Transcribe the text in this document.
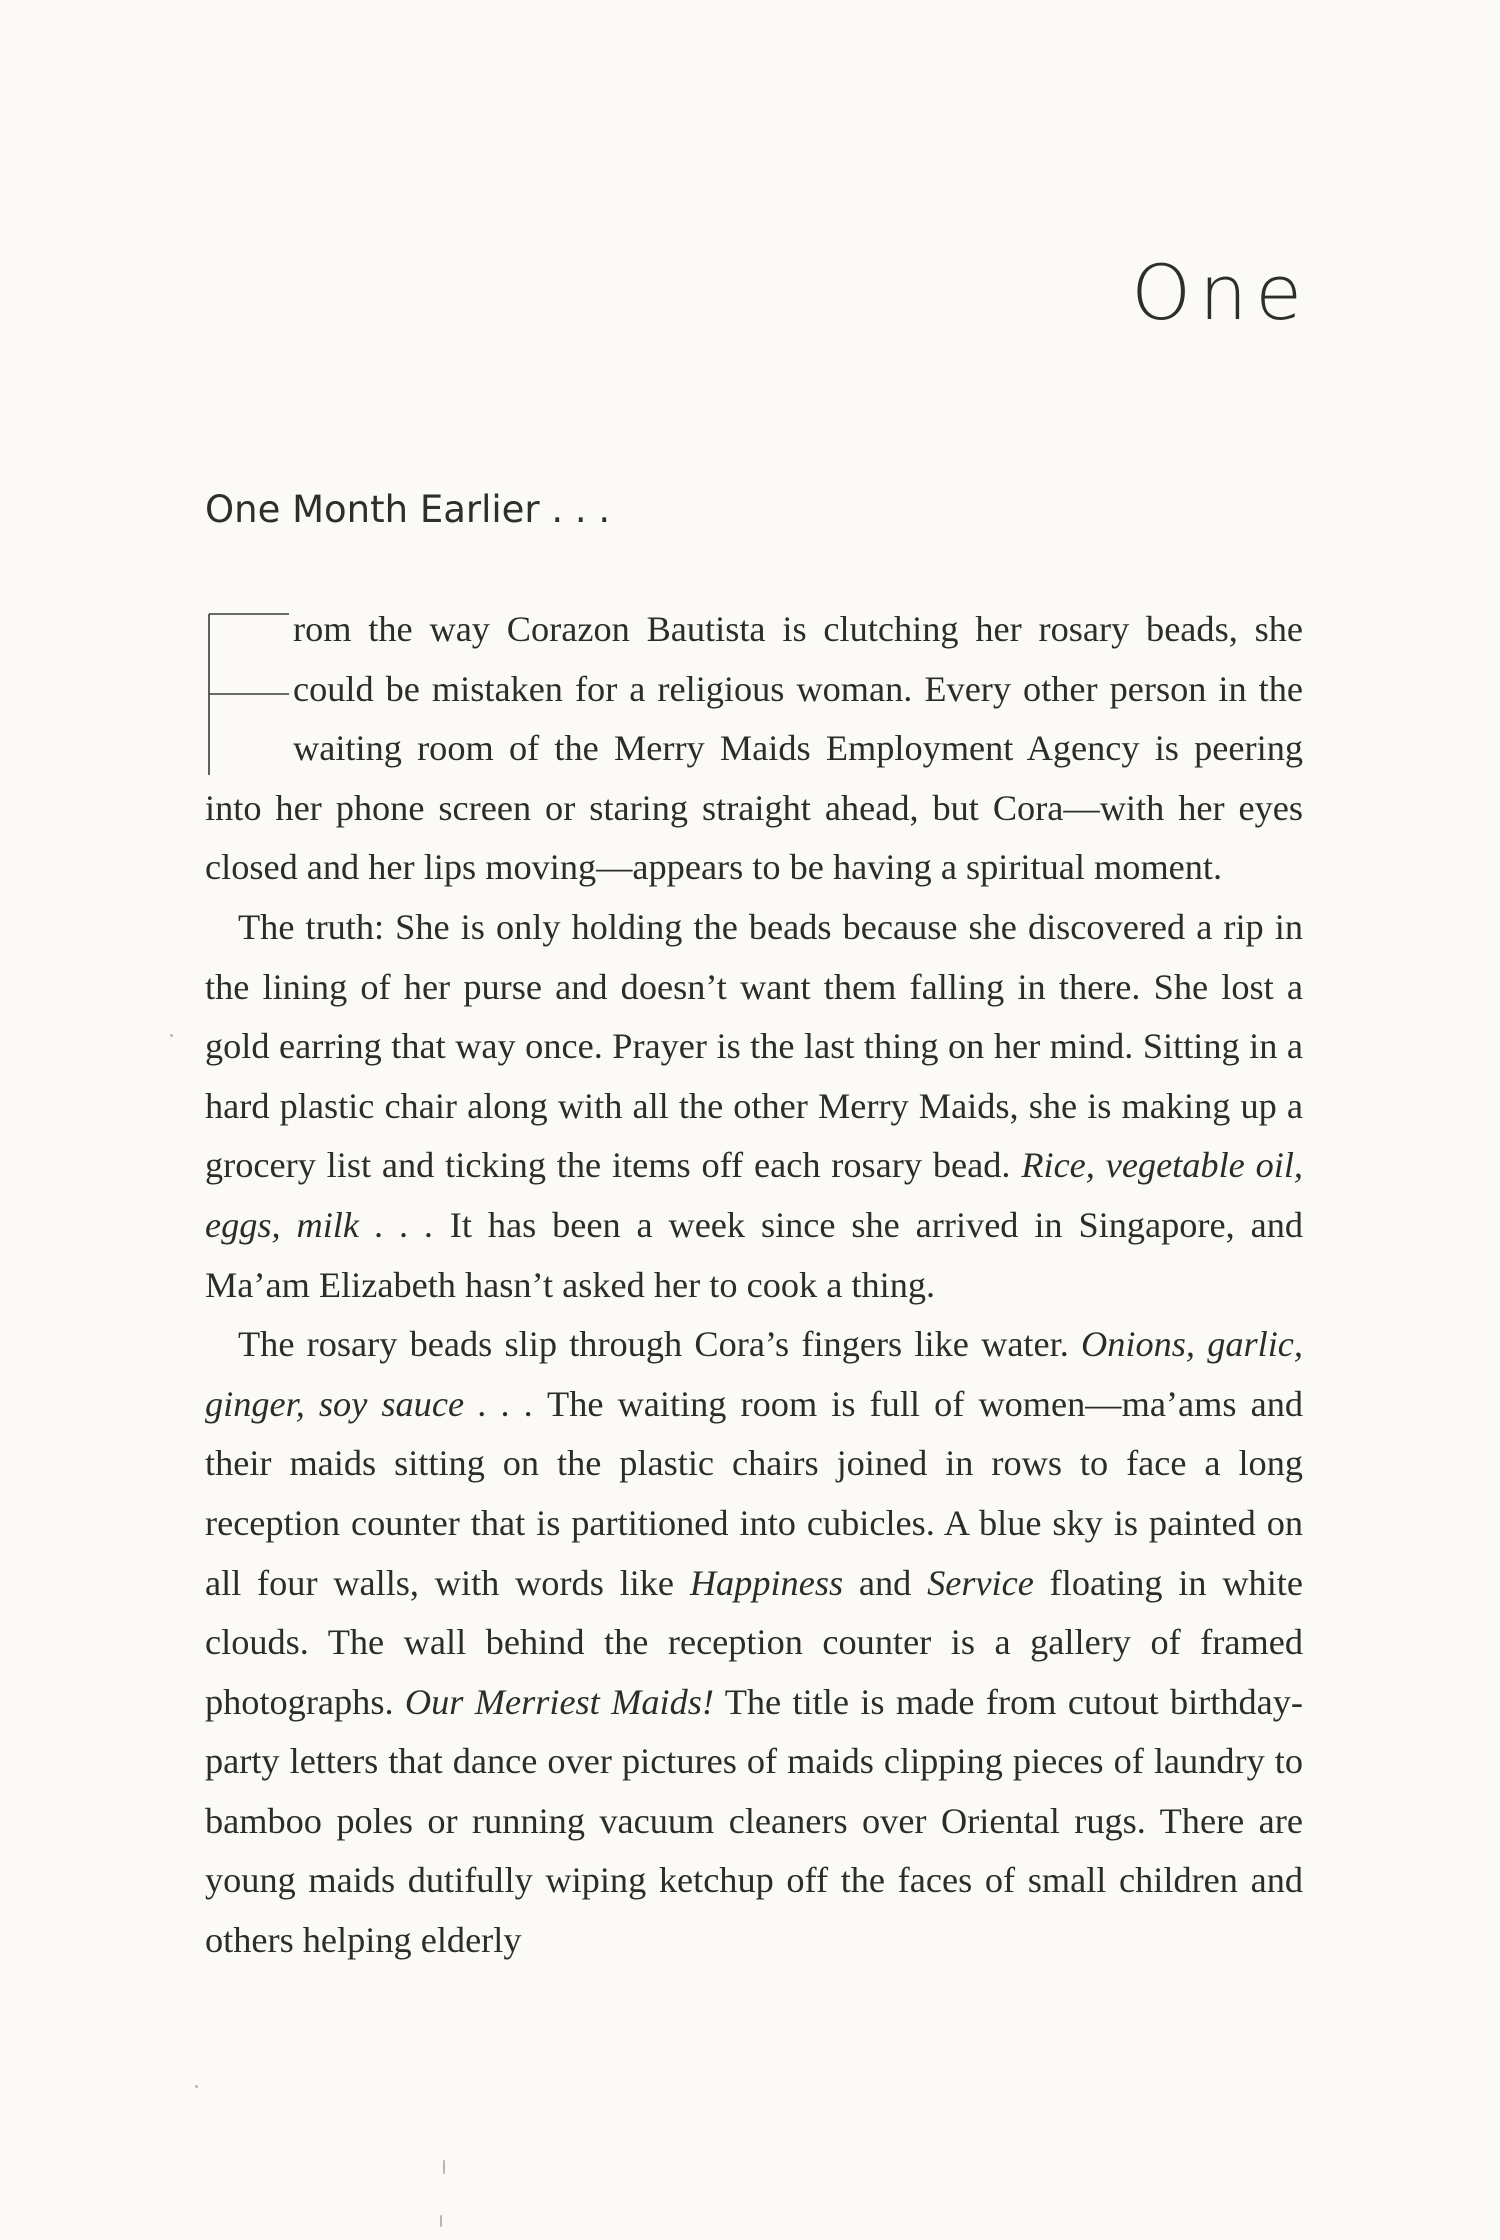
One
One Month Earlier . . .

rom the way Corazon Bautista is clutching her rosary beads, she could be mistaken for a religious woman. Every other person in the waiting room of the Merry Maids Employment Agency is peering into her phone screen or staring straight ahead, but Cora—with her eyes closed and her lips moving—appears to be having a spiritual moment.

The truth: She is only holding the beads because she discovered a rip in the lining of her purse and doesn’t want them falling in there. She lost a gold earring that way once. Prayer is the last thing on her mind. Sitting in a hard plastic chair along with all the other Merry Maids, she is making up a grocery list and ticking the items off each rosary bead. Rice, vegetable oil, eggs, milk . . . It has been a week since she arrived in Singapore, and Ma’am Elizabeth hasn’t asked her to cook a thing.

The rosary beads slip through Cora’s fingers like water. Onions, garlic, ginger, soy sauce . . . The waiting room is full of women—ma’ams and their maids sitting on the plastic chairs joined in rows to face a long reception counter that is partitioned into cubicles. A blue sky is painted on all four walls, with words like Happiness and Service floating in white clouds. The wall behind the reception counter is a gallery of framed photographs. Our Merriest Maids! The title is made from cutout birthday-party letters that dance over pictures of maids clipping pieces of laundry to bamboo poles or running vacuum cleaners over Oriental rugs. There are young maids dutifully wiping ketchup off the faces of small children and others helping elderly
